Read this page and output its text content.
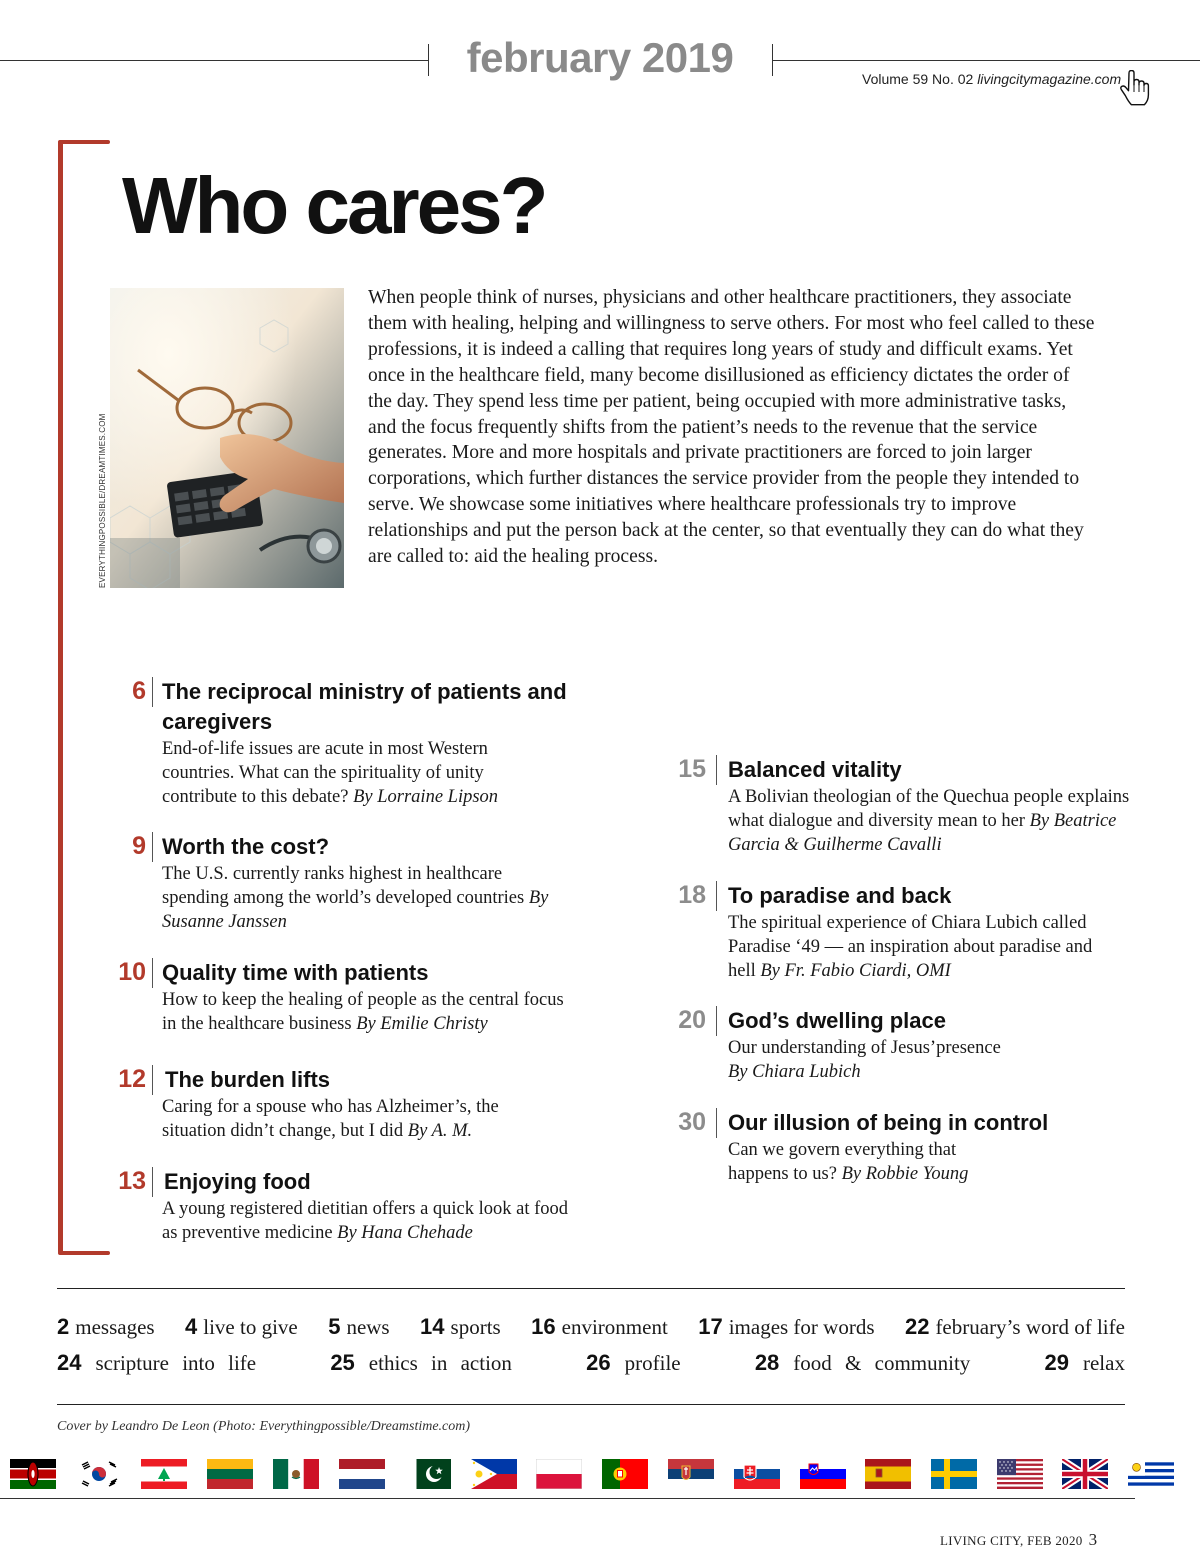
february 2019	Volume 59 No. 02 livingcitymagazine.com
Who cares?
EVERYTHINGPOSSIBLE/DREAMTIMES.COM
When people think of nurses, physicians and other healthcare practitioners, they associate them with healing, helping and willingness to serve others. For most who feel called to these professions, it is indeed a calling that requires long years of study and difficult exams. Yet once in the healthcare field, many become disillusioned as efficiency dictates the order of the day. They spend less time per patient, being occupied with more administrative tasks, and the focus frequently shifts from the patient’s needs to the revenue that the service generates. More and more hospitals and private practitioners are forced to join larger corporations, which further distances the service provider from the people they intended to serve. We showcase some initiatives where healthcare professionals try to improve relationships and put the person back at the center, so that eventually they can do what they are called to: aid the healing process.
6 The reciprocal ministry of patients and caregivers
End-of-life issues are acute in most Western countries. What can the spirituality of unity contribute to this debate? By Lorraine Lipson
9 Worth the cost?
The U.S. currently ranks highest in healthcare spending among the world’s developed countries By Susanne Janssen
10 Quality time with patients
How to keep the healing of people as the central focus in the healthcare business By Emilie Christy
12 The burden lifts
Caring for a spouse who has Alzheimer’s, the situation didn’t change, but I did By A. M.
13 Enjoying food
A young registered dietitian offers a quick look at food as preventive medicine By Hana Chehade
15 Balanced vitality
A Bolivian theologian of the Quechua people explains what dialogue and diversity mean to her By Beatrice Garcia & Guilherme Cavalli
18 To paradise and back
The spiritual experience of Chiara Lubich called Paradise ‘49 — an inspiration about paradise and hell By Fr. Fabio Ciardi, OMI
20 God’s dwelling place
Our understanding of Jesus’presence
By Chiara Lubich
30 Our illusion of being in control
Can we govern everything that happens to us? By Robbie Young
2 messages 4 live to give 5 news 14 sports 16 environment 17 images for words 22 february’s word of life
24 scripture into life	25 ethics in action	26 profile	28 food & community	29 relax
Cover by Leandro De Leon (Photo: Everythingpossible/Dreamstime.com)
LIVING CITY, FEB 2020 3
